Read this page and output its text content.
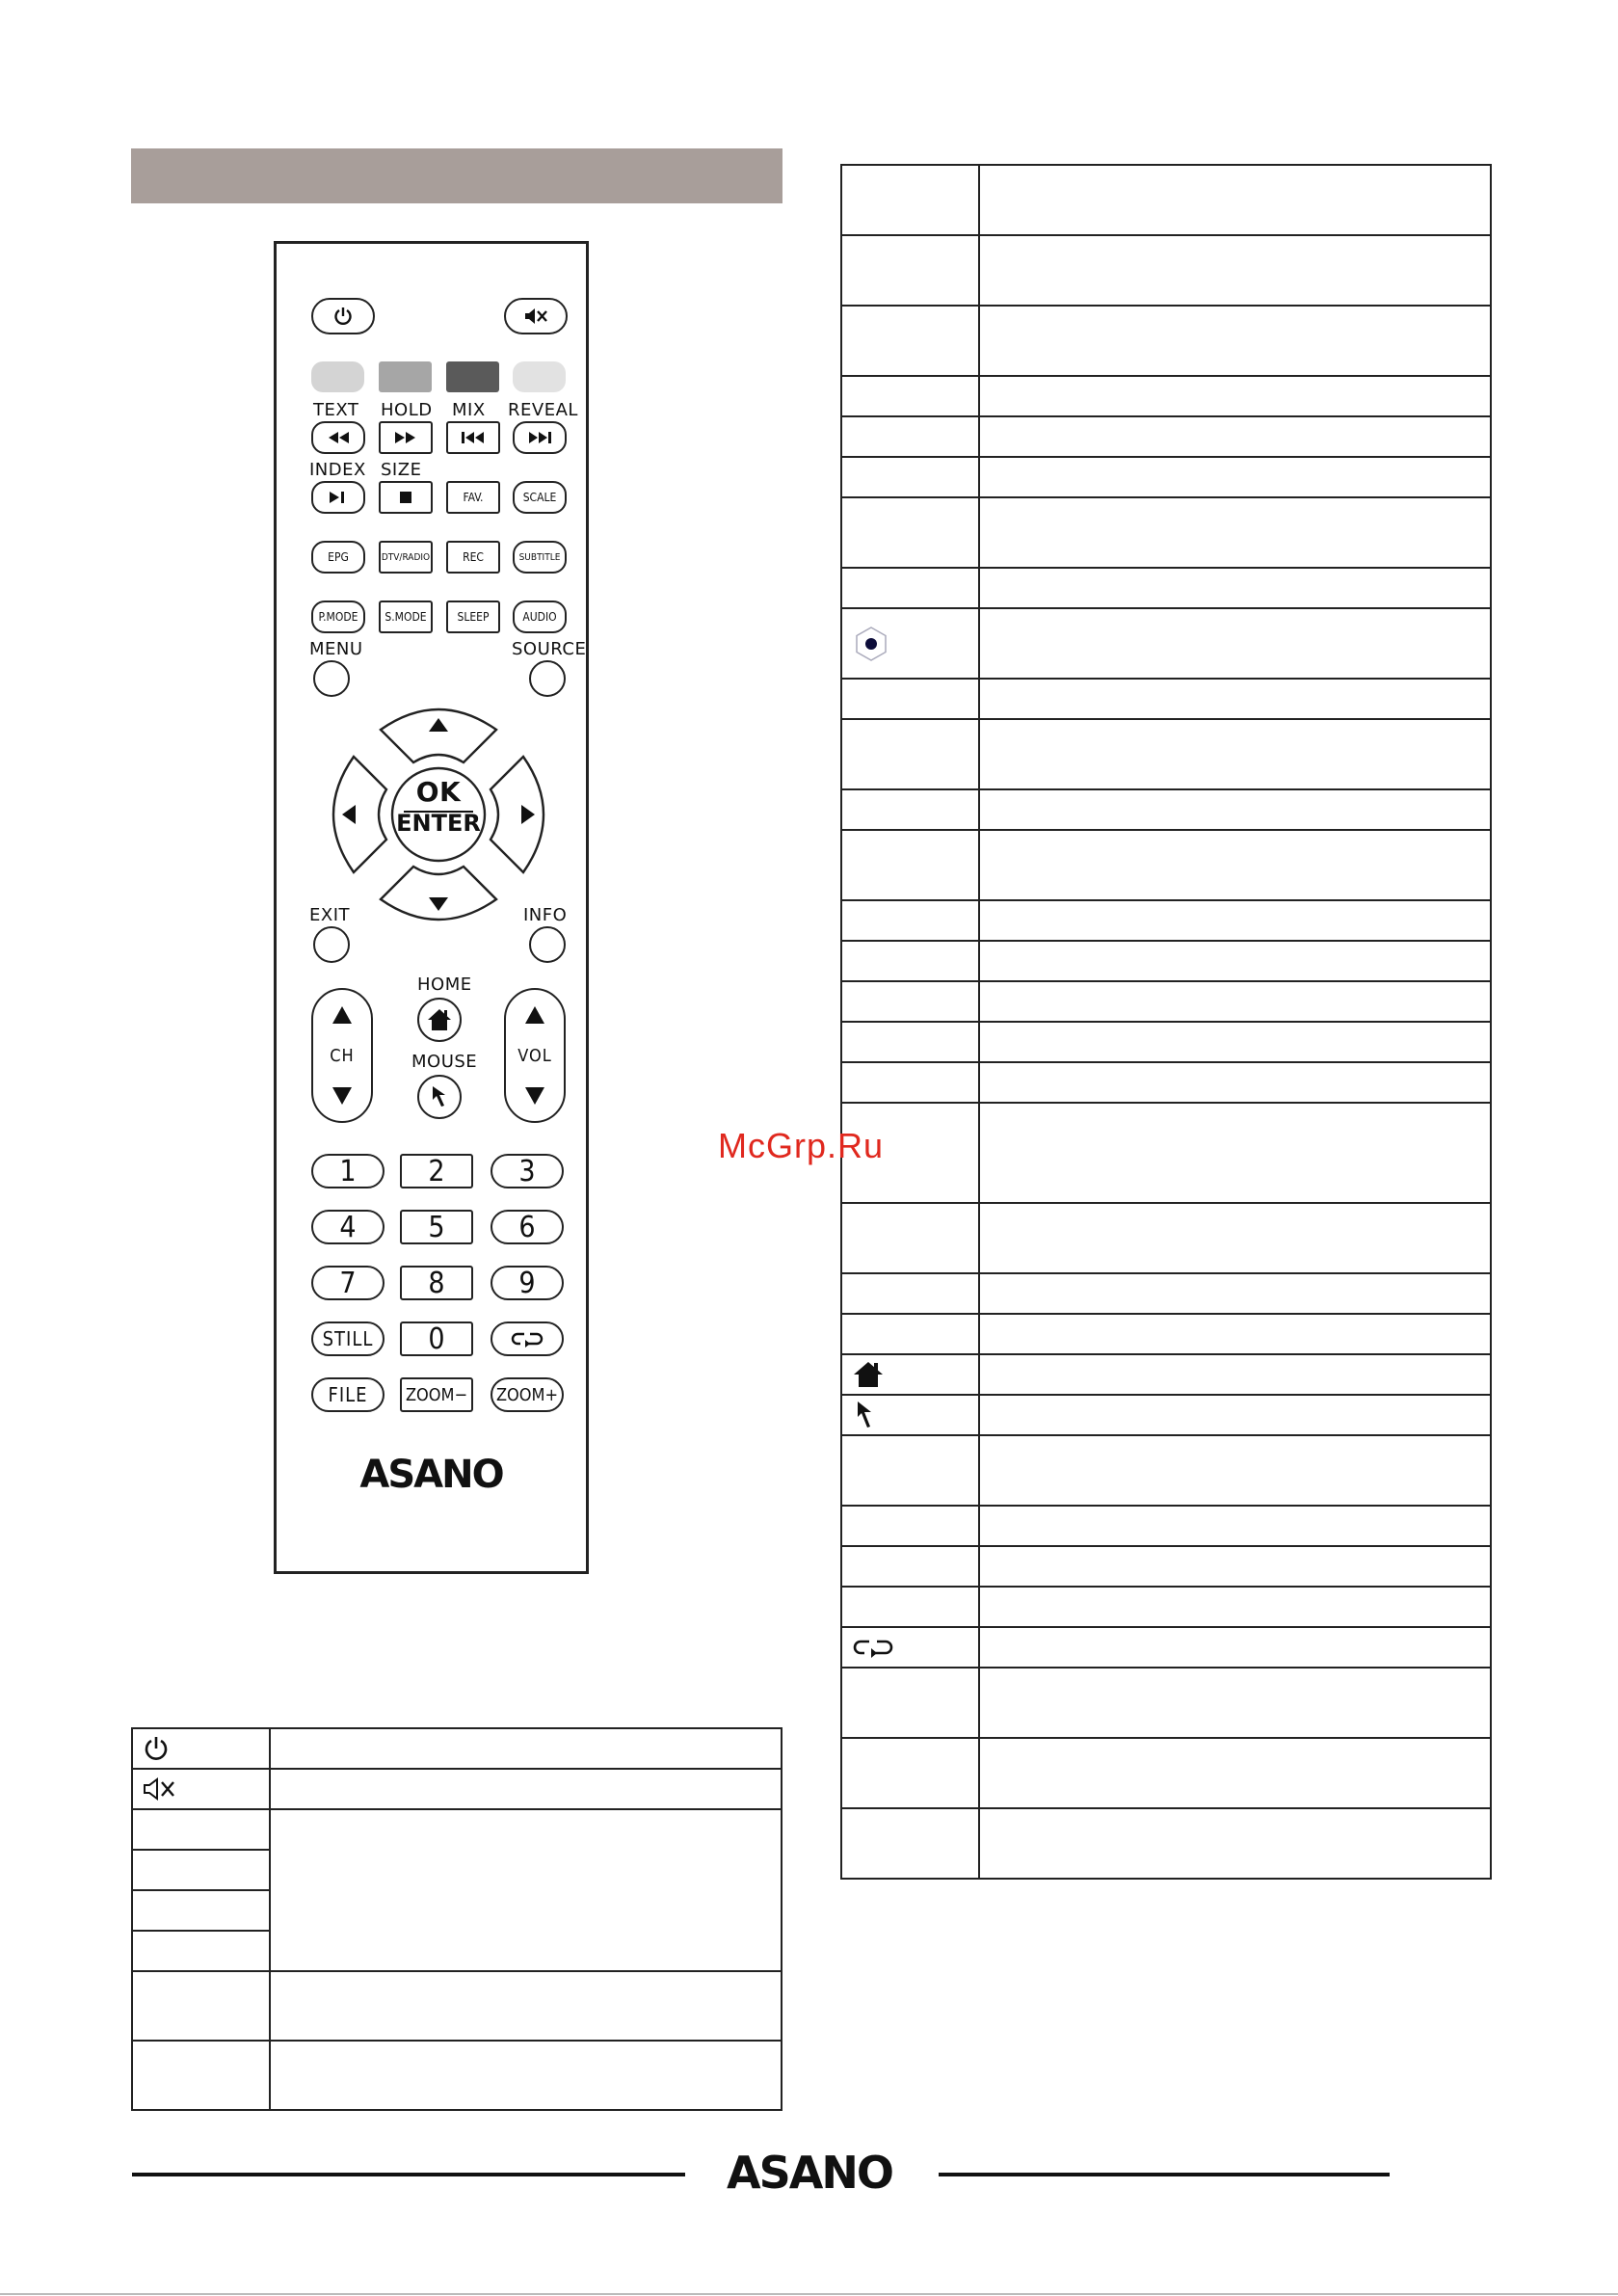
TEXT HOLD MIX REVEAL
INDEX SIZE
FAV.	SCALE
EPG	DTV/RADIO	REC	SUBTITLE
P.MODE	S.MODE	SLEEP	AUDIO
MENU	SOURCE
OK
ENTER
EXIT	INFO
CH	VOL
HOME
MOUSE
1	2	3
4	5	6
7	8	9
STILL	0
FILE	ZOOM−	ZOOM+
ASANO

McGrp.Ru
ASANO
